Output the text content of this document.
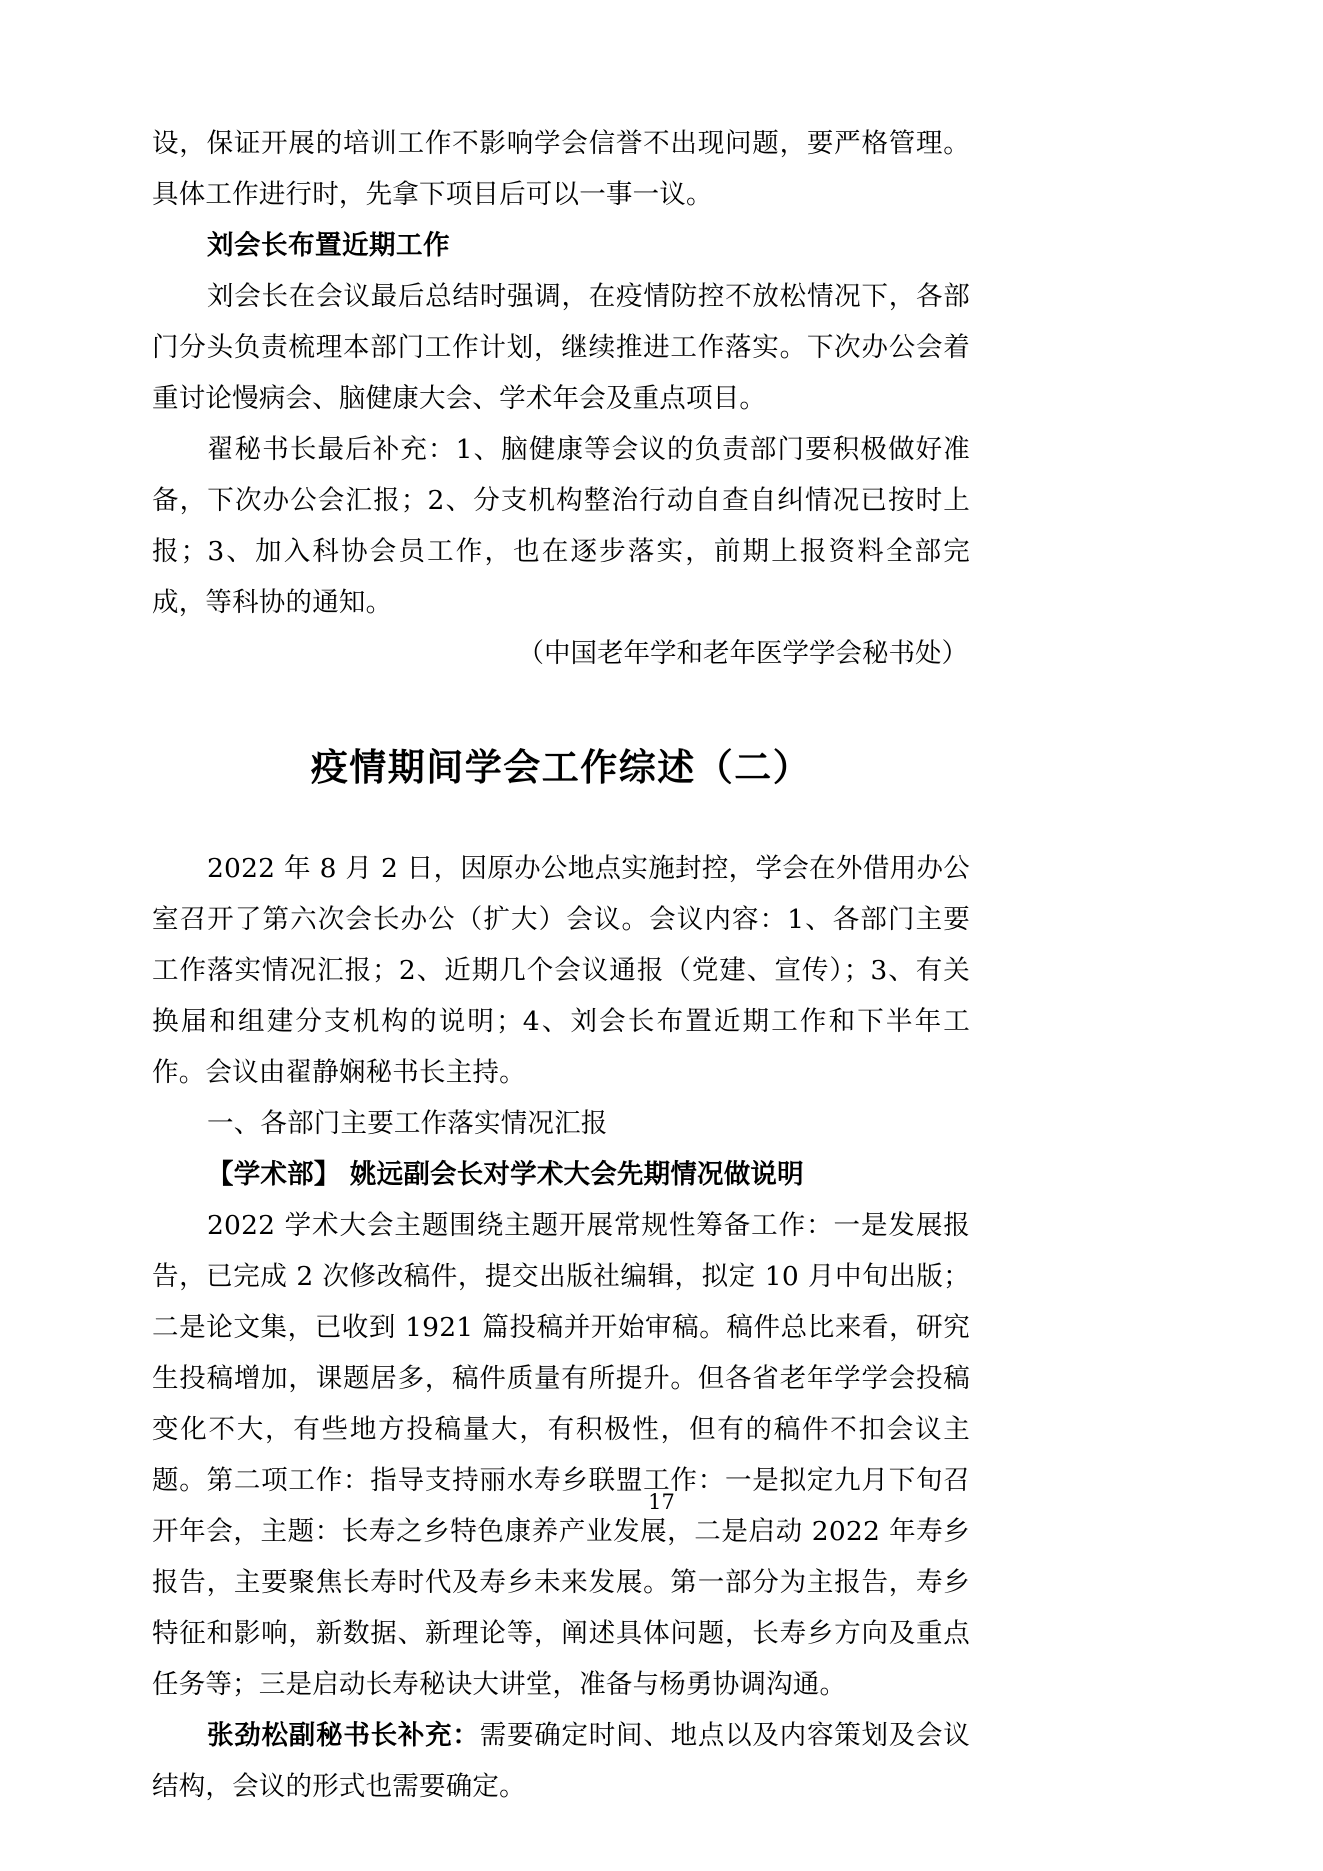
设，保证开展的培训工作不影响学会信誉不出现问题，要严格管理。具体工作进行时，先拿下项目后可以一事一议。

刘会长布置近期工作

刘会长在会议最后总结时强调，在疫情防控不放松情况下，各部门分头负责梳理本部门工作计划，继续推进工作落实。下次办公会着重讨论慢病会、脑健康大会、学术年会及重点项目。

翟秘书长最后补充：1、脑健康等会议的负责部门要积极做好准备，下次办公会汇报；2、分支机构整治行动自查自纠情况已按时上报；3、加入科协会员工作，也在逐步落实，前期上报资料全部完成，等科协的通知。

（中国老年学和老年医学学会秘书处）

疫情期间学会工作综述（二）

2022 年 8 月 2 日，因原办公地点实施封控，学会在外借用办公室召开了第六次会长办公（扩大）会议。会议内容：1、各部门主要工作落实情况汇报；2、近期几个会议通报（党建、宣传）；3、有关换届和组建分支机构的说明；4、刘会长布置近期工作和下半年工作。会议由翟静娴秘书长主持。

一、各部门主要工作落实情况汇报

【学术部】 姚远副会长对学术大会先期情况做说明

2022 学术大会主题围绕主题开展常规性筹备工作：一是发展报告，已完成 2 次修改稿件，提交出版社编辑，拟定 10 月中旬出版；二是论文集，已收到 1921 篇投稿并开始审稿。稿件总比来看，研究生投稿增加，课题居多，稿件质量有所提升。但各省老年学学会投稿变化不大，有些地方投稿量大，有积极性，但有的稿件不扣会议主题。第二项工作：指导支持丽水寿乡联盟工作：一是拟定九月下旬召开年会，主题：长寿之乡特色康养产业发展，二是启动 2022 年寿乡报告，主要聚焦长寿时代及寿乡未来发展。第一部分为主报告，寿乡特征和影响，新数据、新理论等，阐述具体问题，长寿乡方向及重点任务等；三是启动长寿秘诀大讲堂，准备与杨勇协调沟通。

张劲松副秘书长补充：需要确定时间、地点以及内容策划及会议结构，会议的形式也需要确定。

17
